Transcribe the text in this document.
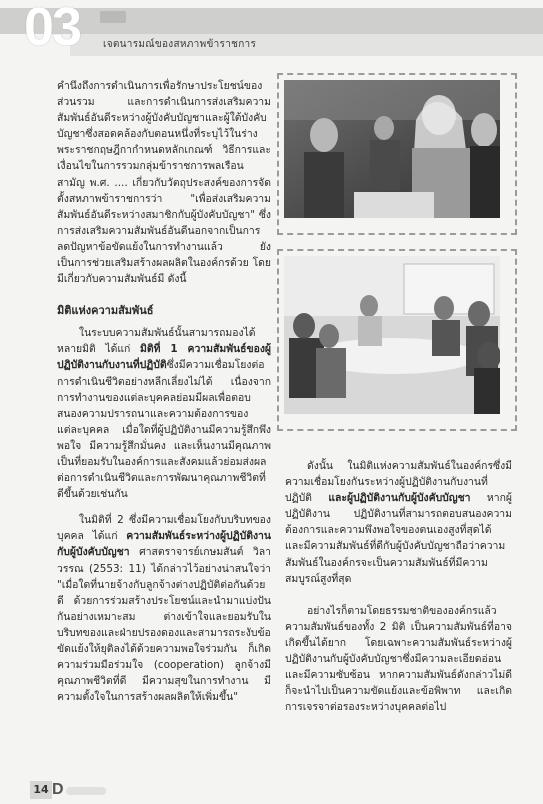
03 เจตนารมณ์ของสหภาพข้าราชการ

คำนึงถึงการดำเนินการเพื่อรักษาประโยชน์ของส่วนรวม และการดำเนินการส่งเสริมความสัมพันธ์อันดีระหว่างผู้บังคับบัญชาและผู้ใต้บังคับบัญชาซึ่งสอดคล้องกับตอนหนึ่งที่ระบุไว้ในร่างพระราชกฤษฎีกากำหนดหลักเกณฑ์ วิธีการและเงื่อนไขในการรวมกลุ่มข้าราชการพลเรือนสามัญ พ.ศ. .... เกี่ยวกับวัตถุประสงค์ของการจัดตั้งสหภาพข้าราชการว่า "เพื่อส่งเสริมความสัมพันธ์อันดีระหว่างสมาชิกกับผู้บังคับบัญชา" ซึ่งการส่งเสริมความสัมพันธ์อันดีนอกจากเป็นการลดปัญหาข้อขัดแย้งในการทำงานแล้ว ยังเป็นการช่วยเสริมสร้างผลผลิตในองค์กรด้วย โดยมีเกี่ยวกับความสัมพันธ์มี ดังนี้

มิติแห่งความสัมพันธ์

ในระบบความสัมพันธ์นั้นสามารถมองได้หลายมิติ ได้แก่ มิติที่ 1 ความสัมพันธ์ของผู้ปฏิบัติงานกับงานที่ปฏิบัติซึ่งมีความเชื่อมโยงต่อการดำเนินชีวิตอย่างหลีกเลี่ยงไม่ได้ เนื่องจากการทำงานของแต่ละบุคคลย่อมมีผลเพื่อตอบสนองความปรารถนาและความต้องการของแต่ละบุคคล เมื่อใดที่ผู้ปฏิบัติงานมีความรู้สึกพึงพอใจ มีความรู้สึกมั่นคง และเห็นงานมีคุณภาพ เป็นที่ยอมรับในองค์การและสังคมแล้วย่อมส่งผลต่อการดำเนินชีวิตและการพัฒนาคุณภาพชีวิตที่ดีขึ้นด้วยเช่นกัน

ในมิติที่ 2 ซึ่งมีความเชื่อมโยงกับบริบทของบุคคล ได้แก่ ความสัมพันธ์ระหว่างผู้ปฏิบัติงานกับผู้บังคับบัญชา ศาสตราจารย์เกษมสันต์ วิลาวรรณ (2553: 11) ได้กล่าวไว้อย่างน่าสนใจว่า "เมื่อใดที่นายจ้างกับลูกจ้างต่างปฏิบัติต่อกันด้วยดี ด้วยการร่วมสร้างประโยชน์และนำมาแบ่งปันกันอย่างเหมาะสม ต่างเข้าใจและยอมรับในบริบทของและฝ่ายปรองดองและสามารถระงับข้อขัดแย้งให้ยุติลงได้ด้วยความพอใจร่วมกัน ก็เกิดความร่วมมือร่วมใจ (cooperation) ลูกจ้างมีคุณภาพชีวิตที่ดี มีความสุขในการทำงาน มีความตั้งใจในการสร้างผลผลิตให้เพิ่มขึ้น"

ดังนั้น ในมิติแห่งความสัมพันธ์ในองค์กรซึ่งมีความเชื่อมโยงกันระหว่างผู้ปฏิบัติงานกับงานที่ปฏิบัติ และผู้ปฏิบัติงานกับผู้บังคับบัญชา หากผู้ปฏิบัติงาน ปฏิบัติงานที่สามารถตอบสนองความต้องการและความพึงพอใจของตนเองสูงที่สุดได้ และมีความสัมพันธ์ที่ดีกับผู้บังคับบัญชาถือว่าความสัมพันธ์ในองค์กรจะเป็นความสัมพันธ์ที่มีความสมบูรณ์สูงที่สุด

อย่างไรก็ตามโดยธรรมชาติขององค์กรแล้วความสัมพันธ์ของทั้ง 2 มิติ เป็นความสัมพันธ์ที่อาจเกิดขึ้นได้ยาก โดยเฉพาะความสัมพันธ์ระหว่างผู้ปฏิบัติงานกับผู้บังคับบัญชาซึ่งมีความละเอียดอ่อนและมีความซับซ้อน หากความสัมพันธ์ดังกล่าวไม่ดีก็จะนำไปเป็นความขัดแย้งและข้อพิพาท และเกิดการเจรจาต่อรองระหว่างบุคคลต่อไป

14 D
